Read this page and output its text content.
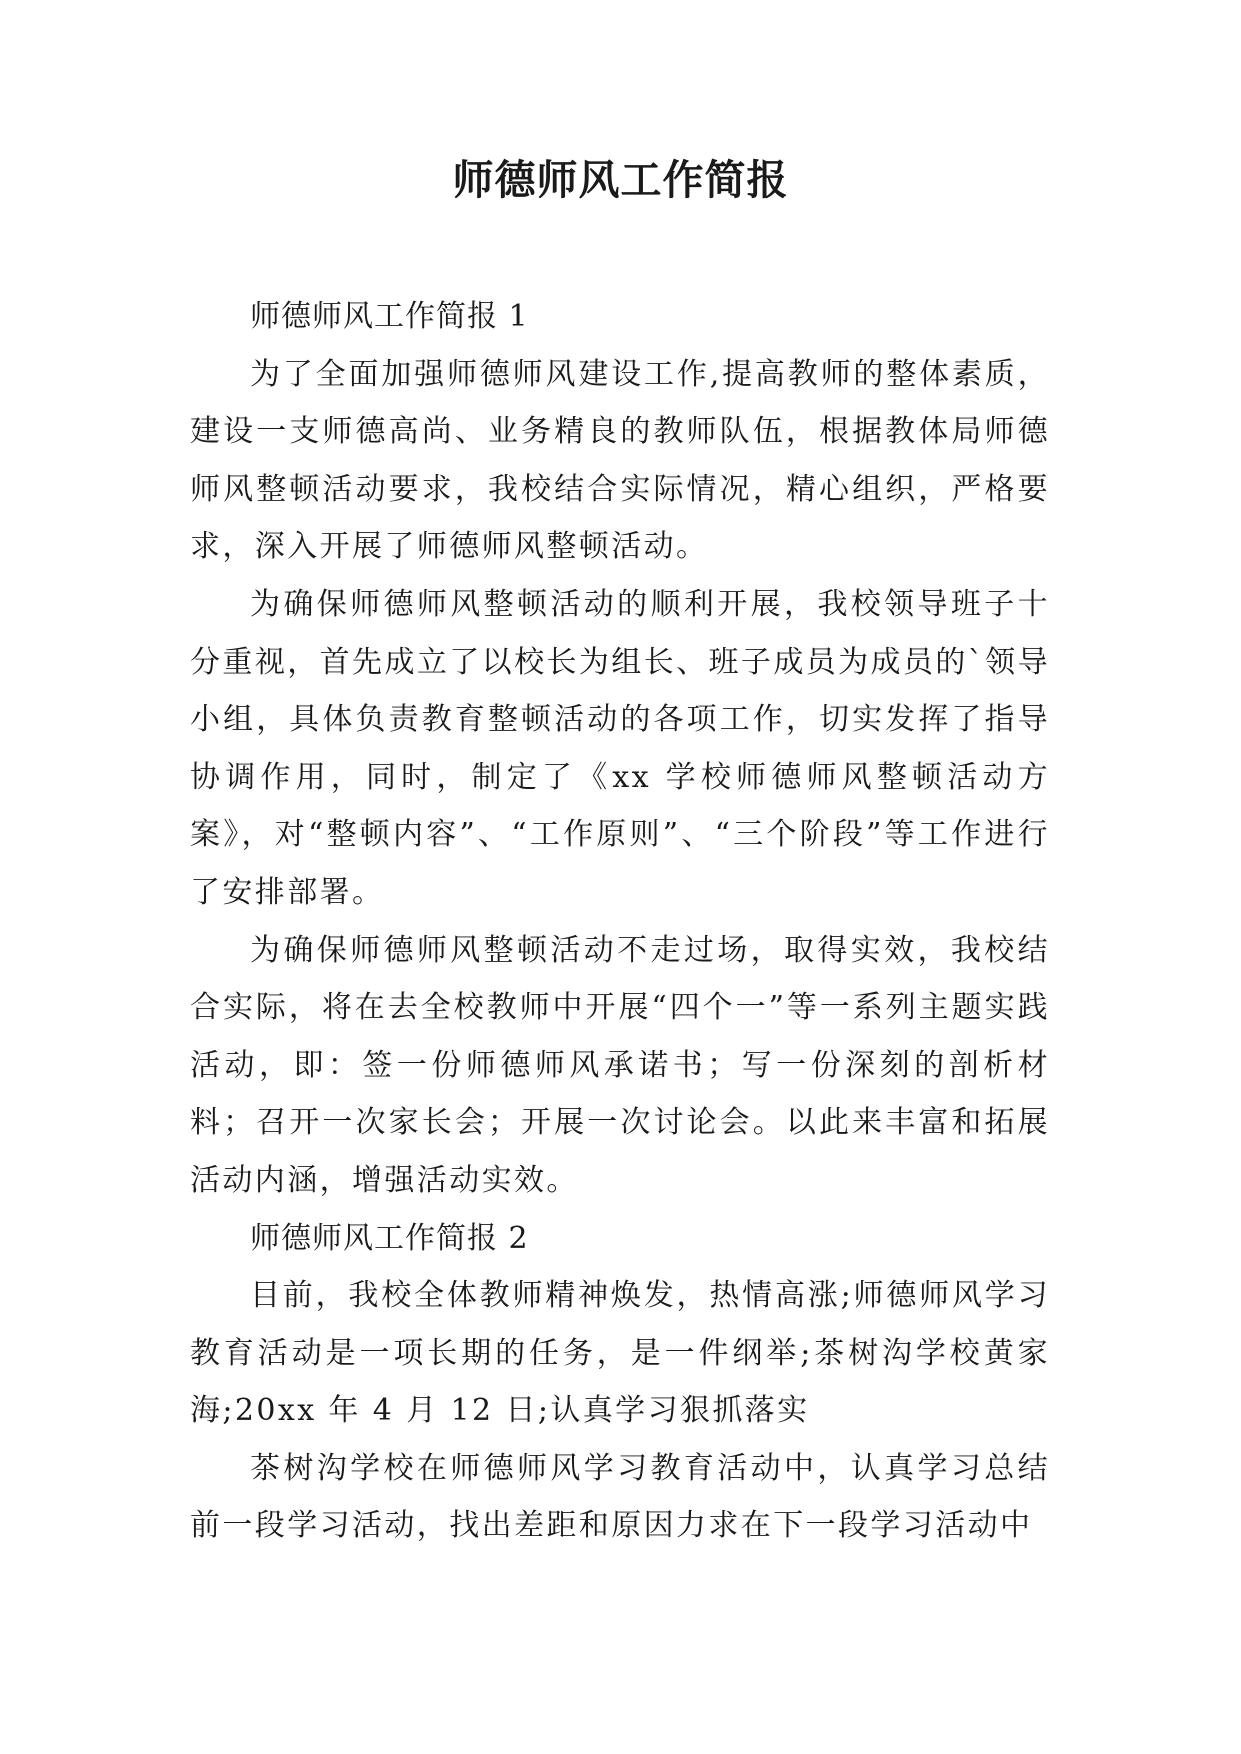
师德师风工作简报

师德师风工作简报 1

为了全面加强师德师风建设工作,提高教师的整体素质，建设一支师德高尚、业务精良的教师队伍，根据教体局师德师风整顿活动要求，我校结合实际情况，精心组织，严格要求，深入开展了师德师风整顿活动。

为确保师德师风整顿活动的顺利开展，我校领导班子十分重视，首先成立了以校长为组长、班子成员为成员的`领导小组，具体负责教育整顿活动的各项工作，切实发挥了指导协调作用，同时，制定了《xx 学校师德师风整顿活动方案》，对“整顿内容”、“工作原则”、“三个阶段”等工作进行了安排部署。

为确保师德师风整顿活动不走过场，取得实效，我校结合实际，将在去全校教师中开展“四个一”等一系列主题实践活动，即：签一份师德师风承诺书；写一份深刻的剖析材料；召开一次家长会；开展一次讨论会。以此来丰富和拓展活动内涵，增强活动实效。

师德师风工作简报 2

目前，我校全体教师精神焕发，热情高涨;师德师风学习教育活动是一项长期的任务，是一件纲举;茶树沟学校黄家海;20xx 年 4 月 12 日;认真学习狠抓落实

茶树沟学校在师德师风学习教育活动中，认真学习总结前一段学习活动，找出差距和原因力求在下一段学习活动中
